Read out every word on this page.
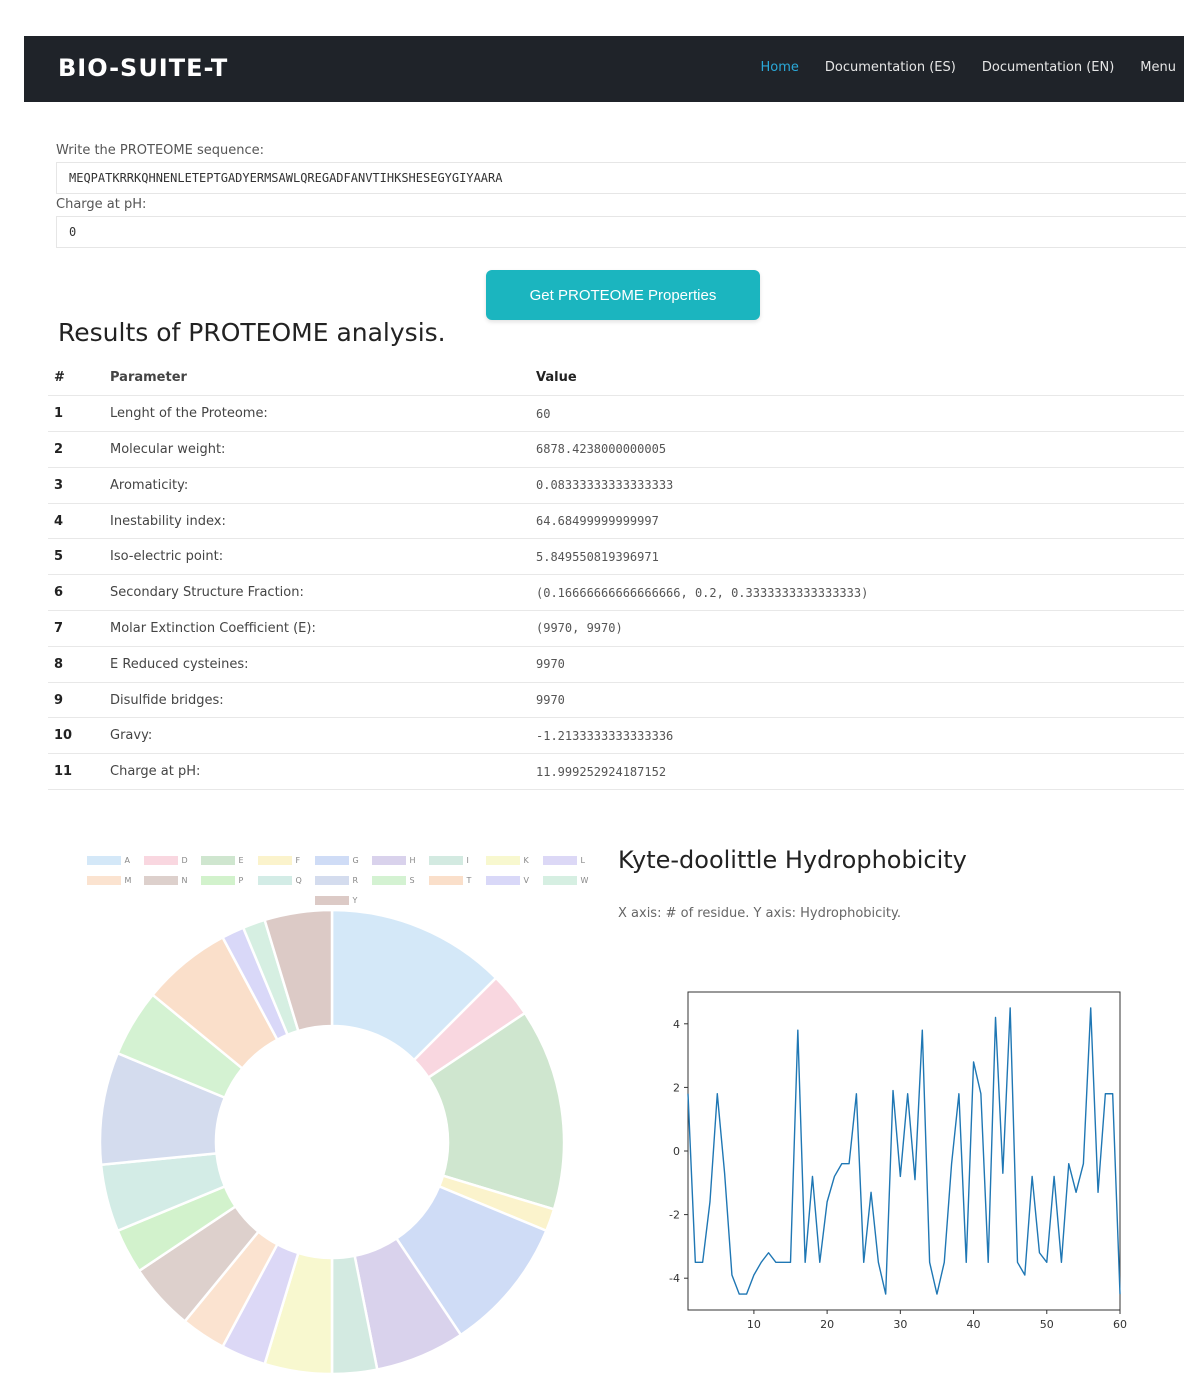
BIO-SUITE-T	Home Documentation (ES) Documentation (EN) Menu
Write the PROTEOME sequence:
MEQPATKRRKQHNENLETEPTGADYERMSAWLQREGADFANVTIHKSHESEGYGIYAARA
Charge at pH:
0
Get PROTEOME Properties
Results of PROTEOME analysis.
#	Parameter	Value
1	Lenght of the Proteome:	60
2	Molecular weight:	6878.4238000000005
3	Aromaticity:	0.08333333333333333
4	Inestability index:	64.68499999999997
5	Iso-electric point:	5.849550819396971
6	Secondary Structure Fraction:	(0.16666666666666666, 0.2, 0.3333333333333333)
7	Molar Extinction Coefficient (E):	(9970, 9970)
8	E Reduced cysteines:	9970
9	Disulfide bridges:	9970
10	Gravy:	-1.2133333333333336
11	Charge at pH:	11.999252924187152
A	D	E	F	G	H	I	K	L
M	N	P	Q	R	S	T	V	W
Y
Kyte-doolittle Hydrophobicity
X axis: # of residue. Y axis: Hydrophobicity.
-4
-2
0
2
4
10	20	30	40	50	60
